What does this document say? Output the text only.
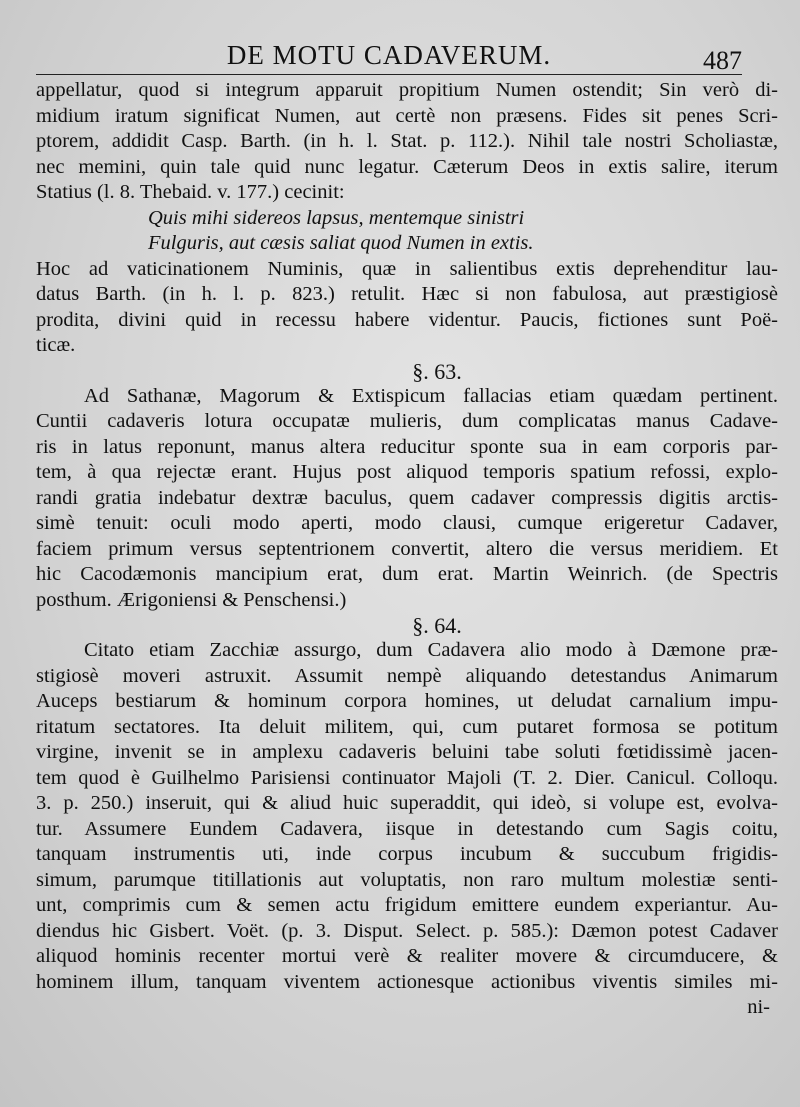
DE MOTU CADAVERUM.	487
appellatur, quod si integrum apparuit propitium Numen ostendit; Sin verò di-
midium iratum significat Numen, aut certè non præsens. Fides sit penes Scri-
ptorem, addidit Casp. Barth. (in h. l. Stat. p. 112.). Nihil tale nostri Scholiastæ,
nec memini, quin tale quid nunc legatur. Cæterum Deos in extis salire, iterum
Statius (l. 8. Thebaid. v. 177.) cecinit:
Quis mihi sidereos lapsus, mentemque sinistri
Fulguris, aut cæsis saliat quod Numen in extis.
Hoc ad vaticinationem Numinis, quæ in salientibus extis deprehenditur lau-
datus Barth. (in h. l. p. 823.) retulit. Hæc si non fabulosa, aut præstigiosè
prodita, divini quid in recessu habere videntur. Paucis, fictiones sunt Poë-
ticæ.
§. 63.
Ad Sathanæ, Magorum & Extispicum fallacias etiam quædam pertinent.
Cuntii cadaveris lotura occupatæ mulieris, dum complicatas manus Cadave-
ris in latus reponunt, manus altera reducitur sponte sua in eam corporis par-
tem, à qua rejectæ erant. Hujus post aliquod temporis spatium refossi, explo-
randi gratia indebatur dextræ baculus, quem cadaver compressis digitis arctis-
simè tenuit: oculi modo aperti, modo clausi, cumque erigeretur Cadaver,
faciem primum versus septentrionem convertit, altero die versus meridiem. Et
hic Cacodæmonis mancipium erat, dum erat. Martin Weinrich. (de Spectris
posthum. Ærigoniensi & Penschensi.)
§. 64.
Citato etiam Zacchiæ assurgo, dum Cadavera alio modo à Dæmone præ-
stigiosè moveri astruxit. Assumit nempè aliquando detestandus Animarum
Auceps bestiarum & hominum corpora homines, ut deludat carnalium impu-
ritatum sectatores. Ita deluit militem, qui, cum putaret formosa se potitum
virgine, invenit se in amplexu cadaveris beluini tabe soluti fœtidissimè jacen-
tem quod è Guilhelmo Parisiensi continuator Majoli (T. 2. Dier. Canicul. Colloqu.
3. p. 250.) inseruit, qui & aliud huic superaddit, qui ideò, si volupe est, evolva-
tur. Assumere Eundem Cadavera, iisque in detestando cum Sagis coitu,
tanquam instrumentis uti, inde corpus incubum & succubum frigidis-
simum, parumque titillationis aut voluptatis, non raro multum molestiæ senti-
unt, comprimis cum & semen actu frigidum emittere eundem experiantur. Au-
diendus hic Gisbert. Voët. (p. 3. Disput. Select. p. 585.): Dæmon potest Cadaver
aliquod hominis recenter mortui verè & realiter movere & circumducere, &
hominem illum, tanquam viventem actionesque actionibus viventis similes mi-
ni-
